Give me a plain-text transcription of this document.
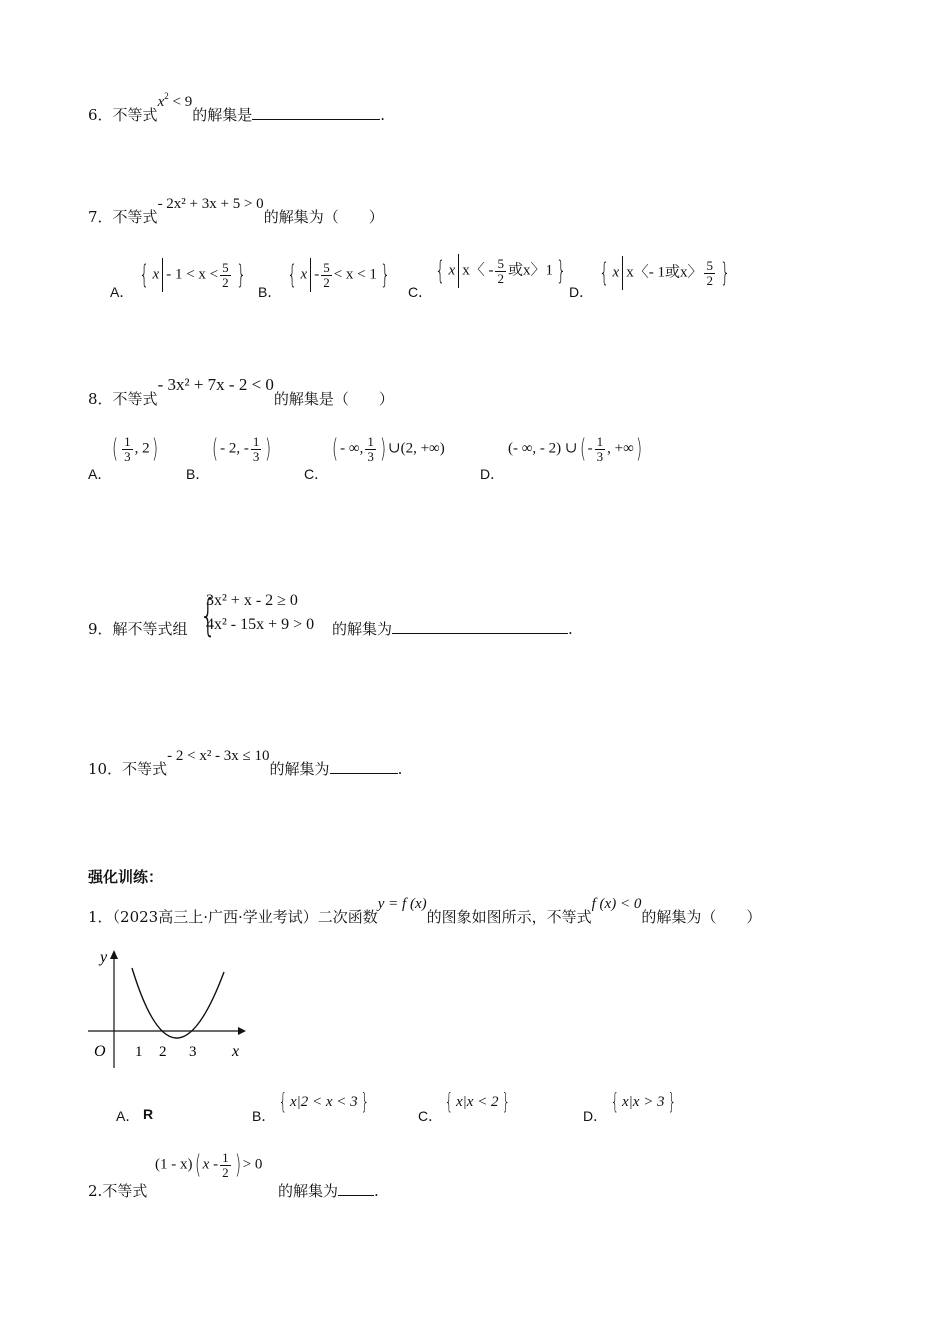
6．不等式$x^2 < 9$的解集是	.
7．不等式- 2x² + 3x + 5 > 0的解集为（　　）
A．
{ $x - 1 < x < \frac{5}{2}$ }
B．
{ $x - \frac{5}{2} < x < 1$ }
C．
{ x x〈 - $\frac{5}{2}$ 或x〉1 }
D．
{ x x〈- 1或x〉 $\frac{5}{2}$ }
8．不等式- 3x² + 7x - 2 < 0的解集是（　　）
A．
( $\frac{1}{3}$ , 2)
B．
( - 2, - $\frac{1}{3}$ )
C．
( - ∞, $\frac{1}{3}$ ) ∪(2, +∞)
D．
(- ∞, - 2) ∪( - $\frac{1}{3}$ , +∞)
9．解不等式组 {
3x² + x - 2 ≥ 0
4x² - 15x + 9 > 0 的解集为	.
10．不等式- 2 < x² - 3x ≤ 10的解集为	.
强化训练：
1．（2023高三上·广西·学业考试）二次函数y = f (x)的图象如图所示，不等式f (x) < 0的解集为（　　）
y
x
O 1 2 3
A． R	B．
{ x|2 < x < 3 }
C．
{ x|x < 2 }
D．
{ x|x > 3 }
2.不等式
(1 - x)( x - $\frac{1}{2}$ ) > 0
的解集为 .
